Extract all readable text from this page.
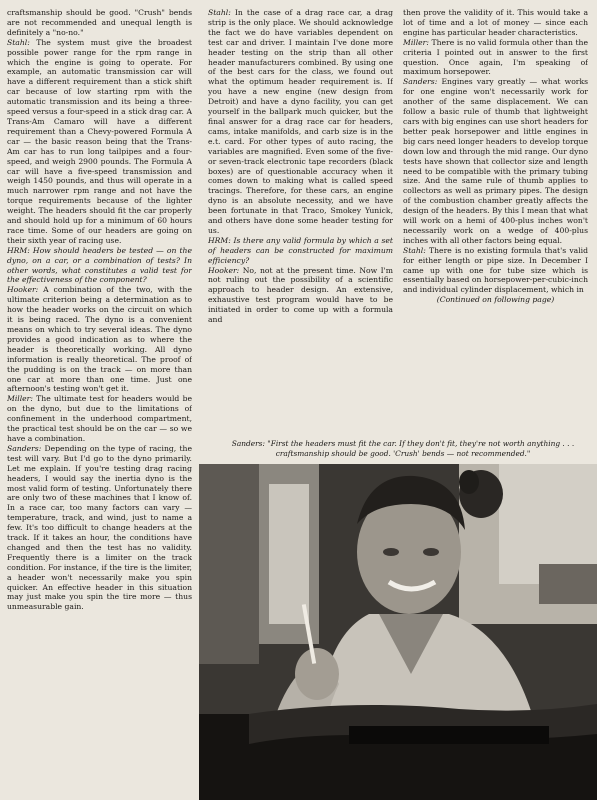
craftsmanship should be good. "Crush" bends are not recommended and unequal length is definitely a "no-no."

Stahl: The system must give the broadest possible power range for the rpm range in which the engine is going to operate. For example, an automatic transmission car will have a different requirement than a stick shift car because of low starting rpm with the automatic transmission and its being a three-speed versus a four-speed in a stick drag car. A Trans-Am Camaro will have a different requirement than a Chevy-powered Formula A car — the basic reason being that the Trans-Am car has to run long tailpipes and a four-speed, and weigh 2900 pounds. The Formula A car will have a five-speed transmission and weigh 1450 pounds, and thus will operate in a much narrower rpm range and not have the torque requirements because of the lighter weight. The headers should fit the car properly and should hold up for a minimum of 60 hours race time. Some of our headers are going on their sixth year of racing use.

HRM: How should headers be tested — on the dyno, on a car, or a combination of tests? In other words, what constitutes a valid test for the effectiveness of the component?

Hooker: A combination of the two, with the ultimate criterion being a determination as to how the header works on the circuit on which it is being raced. The dyno is a convenient means on which to try several ideas. The dyno provides a good indication as to where the header is theoretically working. All dyno information is really theoretical. The proof of the pudding is on the track — on more than one car at more than one time. Just one afternoon's testing won't get it.

Miller: The ultimate test for headers would be on the dyno, but due to the limitations of confinement in the underhood compartment, the practical test should be on the car — so we have a combination.

Sanders: Depending on the type of racing, the test will vary. But I'd go to the dyno primarily. Let me explain. If you're testing drag racing headers, I would say the inertia dyno is the most valid form of testing. Unfortunately there are only two of these machines that I know of. In a race car, too many factors can vary — temperature, track, and wind, just to name a few. It's too difficult to change headers at the track. If it takes an hour, the conditions have changed and then the test has no validity. Frequently there is a limiter on the track condition. For instance, if the tire is the limiter, a header won't necessarily make you spin quicker. An effective header in this situation may just make you spin the tire more — thus unmeasurable gain.

Stahl: In the case of a drag race car, a drag strip is the only place. We should acknowledge the fact we do have variables dependent on test car and driver. I maintain I've done more header testing on the strip than all other header manufacturers combined. By using one of the best cars for the class, we found out what the optimum header requirement is. If you have a new engine (new design from Detroit) and have a dyno facility, you can get yourself in the ballpark much quicker, but the final answer for a drag race car for headers, cams, intake manifolds, and carb size is in the e.t. card. For other types of auto racing, the variables are magnified. Even some of the five- or seven-track electronic tape recorders (black boxes) are of questionable accuracy when it comes down to making what is called speed tracings. Therefore, for these cars, an engine dyno is an absolute necessity, and we have been fortunate in that Traco, Smokey Yunick, and others have done some header testing for us.

HRM: Is there any valid formula by which a set of headers can be constructed for maximum efficiency?

Hooker: No, not at the present time. Now I'm not ruling out the possibility of a scientific approach to header design. An extensive, exhaustive test program would have to be initiated in order to come up with a formula and

then prove the validity of it. This would take a lot of time and a lot of money — since each engine has particular header characteristics.

Miller: There is no valid formula other than the criteria I pointed out in answer to the first question. Once again, I'm speaking of maximum horsepower.

Sanders: Engines vary greatly — what works for one engine won't necessarily work for another of the same displacement. We can follow a basic rule of thumb that lightweight cars with big engines can use short headers for better peak horsepower and little engines in big cars need longer headers to develop torque down low and through the mid range. Our dyno tests have shown that collector size and length need to be compatible with the primary tubing size. And the same rule of thumb applies to collectors as well as primary pipes. The design of the combustion chamber greatly affects the design of the headers. By this I mean that what will work on a hemi of 400-plus inches won't necessarily work on a wedge of 400-plus inches with all other factors being equal.

Stahl: There is no existing formula that's valid for either length or pipe size. In December I came up with one for tube size which is essentially based on horsepower-per-cubic-inch and individual cylinder displacement, which in

(Continued on following page)

Sanders: "First the headers must fit the car. If they don't fit, they're not worth anything . . . craftsmanship should be good. 'Crush' bends — not recommended."
